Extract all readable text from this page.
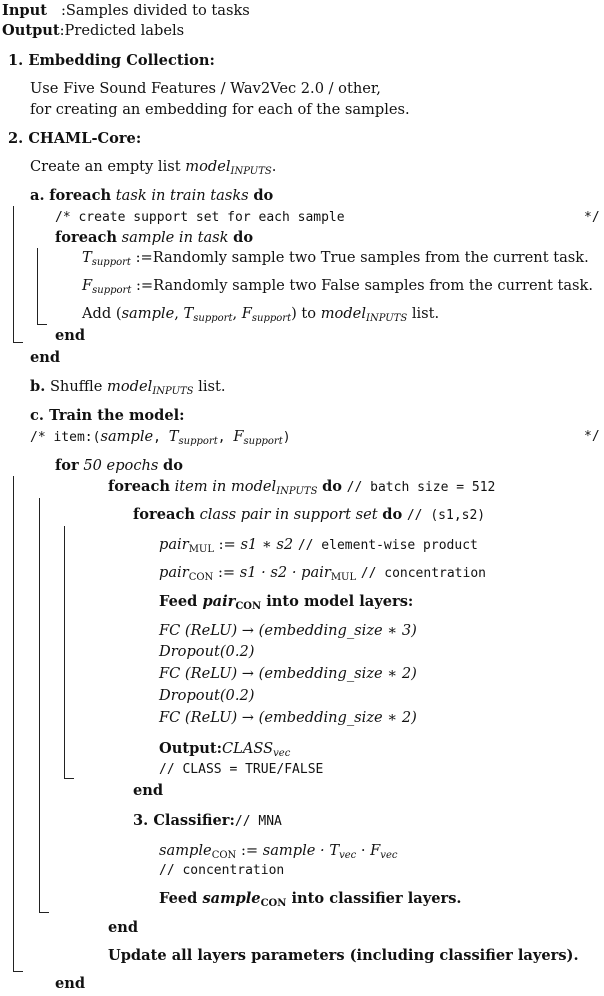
Input :Samples divided to tasks
Output:Predicted labels
1. Embedding Collection:
Use Five Sound Features / Wav2Vec 2.0 / other,
for creating an embedding for each of the samples.
2. CHAML-Core:
Create an empty list model$_{INPUTS}$.
a. foreach task in train tasks do
/* create support set for each sample	*/
foreach sample in task do
$T_{support}$ :=Randomly sample two True samples from the current task.
$F_{support}$ :=Randomly sample two False samples from the current task.
Add (sample, $T_{support}$, $F_{support}$) to model$_{INPUTS}$ list.
end
end
b. Shuffle model$_{INPUTS}$ list.
c. Train the model:
/* item:(sample, $T_{support}$, $F_{support}$)	*/
for 50 epochs do
foreach item in model$_{INPUTS}$ do // batch size = 512
foreach class pair in support set do // (s1,s2)
pair$_{MUL}$ := s1 ∗ s2 // element-wise product
pair$_{CON}$ := s1 · s2 · pair$_{MUL}$ // concentration
Feed pair$_{CON}$ into model layers:
FC (ReLU) → (embedding_size ∗ 3)
Dropout(0.2)
FC (ReLU) → (embedding_size ∗ 2)
Dropout(0.2)
FC (ReLU) → (embedding_size ∗ 2)
$Output:CLASS_{vec}$
// CLASS = TRUE/FALSE
end
3. Classifier:// MNA
sample$_{CON}$ := sample · $T_{vec} \cdot F_{vec}$
// concentration
Feed sample$_{CON}$ into classifier layers.
end
Update all layers parameters (including classifier layers).
end
